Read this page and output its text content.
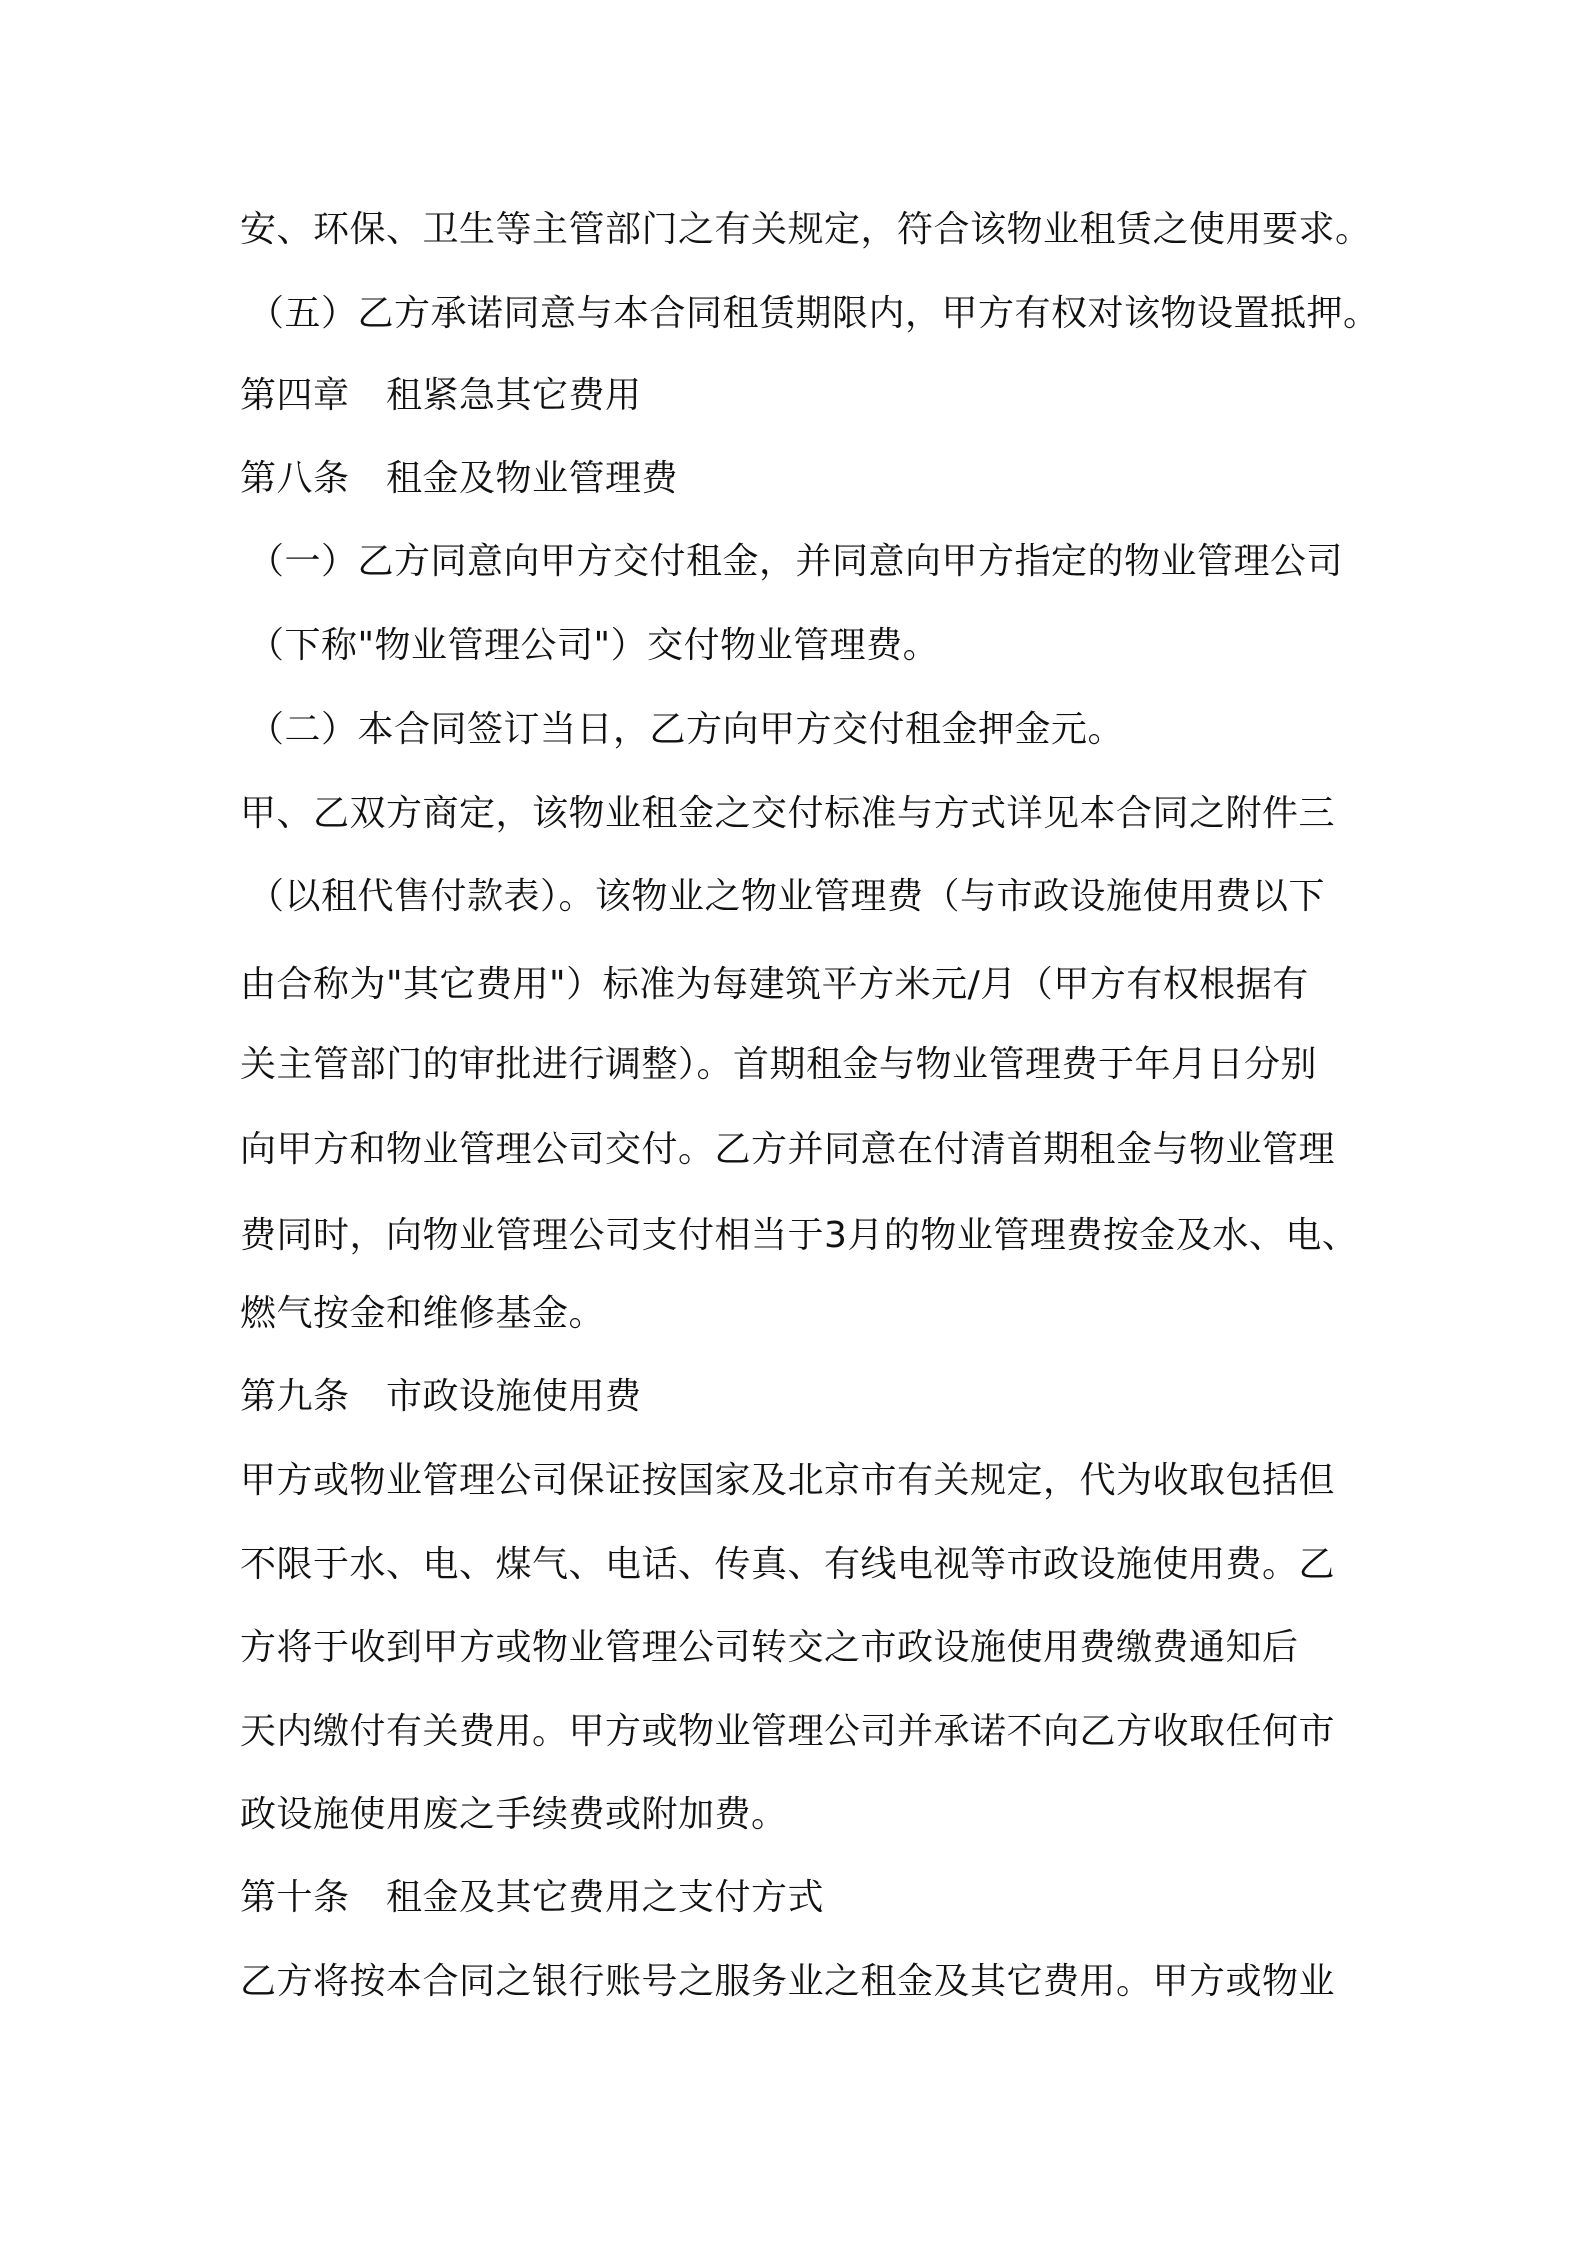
安、环保、卫生等主管部门之有关规定，符合该物业租赁之使用要求。
（五）乙方承诺同意与本合同租赁期限内，甲方有权对该物设置抵押。
第四章　租紧急其它费用
第八条　租金及物业管理费
（一）乙方同意向甲方交付租金，并同意向甲方指定的物业管理公司
（下称"物业管理公司"）交付物业管理费。
（二）本合同签订当日，乙方向甲方交付租金押金元。
甲、乙双方商定，该物业租金之交付标准与方式详见本合同之附件三
（以租代售付款表）。该物业之物业管理费（与市政设施使用费以下
由合称为"其它费用"）标准为每建筑平方米元/月（甲方有权根据有
关主管部门的审批进行调整）。首期租金与物业管理费于年月日分别
向甲方和物业管理公司交付。乙方并同意在付清首期租金与物业管理
费同时，向物业管理公司支付相当于3月的物业管理费按金及水、电、
燃气按金和维修基金。
第九条　市政设施使用费
甲方或物业管理公司保证按国家及北京市有关规定，代为收取包括但
不限于水、电、煤气、电话、传真、有线电视等市政设施使用费。乙
方将于收到甲方或物业管理公司转交之市政设施使用费缴费通知后
天内缴付有关费用。甲方或物业管理公司并承诺不向乙方收取任何市
政设施使用废之手续费或附加费。
第十条　租金及其它费用之支付方式
乙方将按本合同之银行账号之服务业之租金及其它费用。甲方或物业
